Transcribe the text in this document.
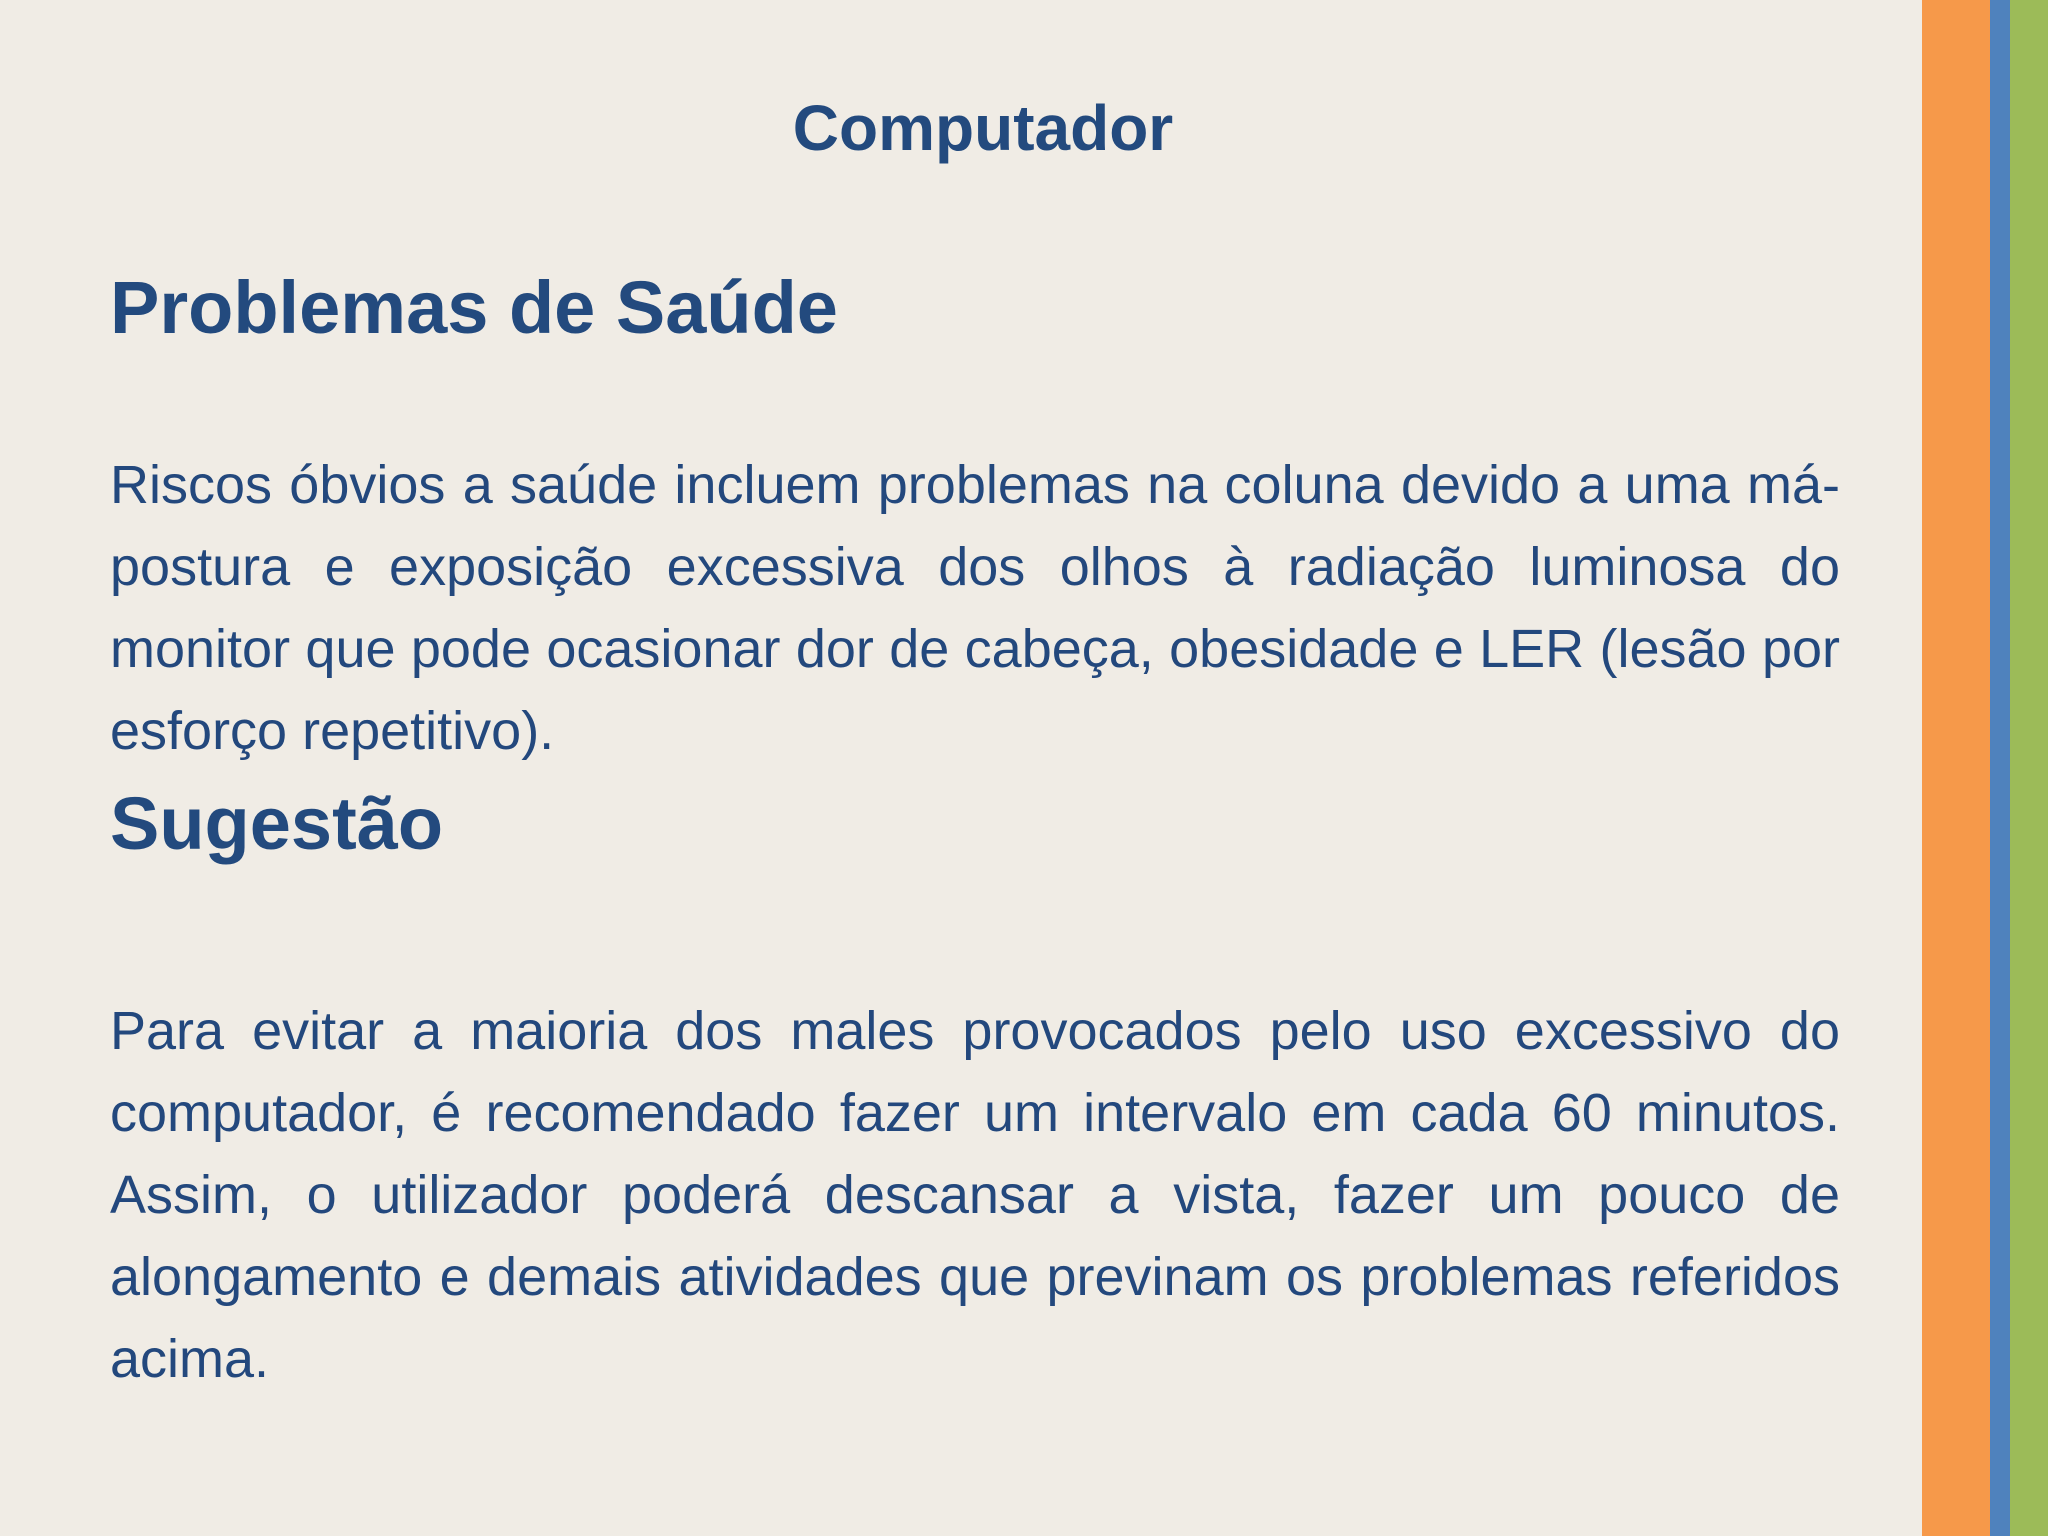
Computador
Problemas de Saúde
Riscos óbvios a saúde incluem problemas na coluna devido a uma má-postura e exposição excessiva dos olhos à radiação luminosa do monitor que pode ocasionar dor de cabeça, obesidade e LER (lesão por esforço repetitivo).
Sugestão
Para evitar a maioria dos males provocados pelo uso excessivo do computador, é recomendado fazer um intervalo em cada 60 minutos. Assim, o utilizador poderá descansar a vista, fazer um pouco de alongamento e demais atividades que previnam os problemas referidos acima.
